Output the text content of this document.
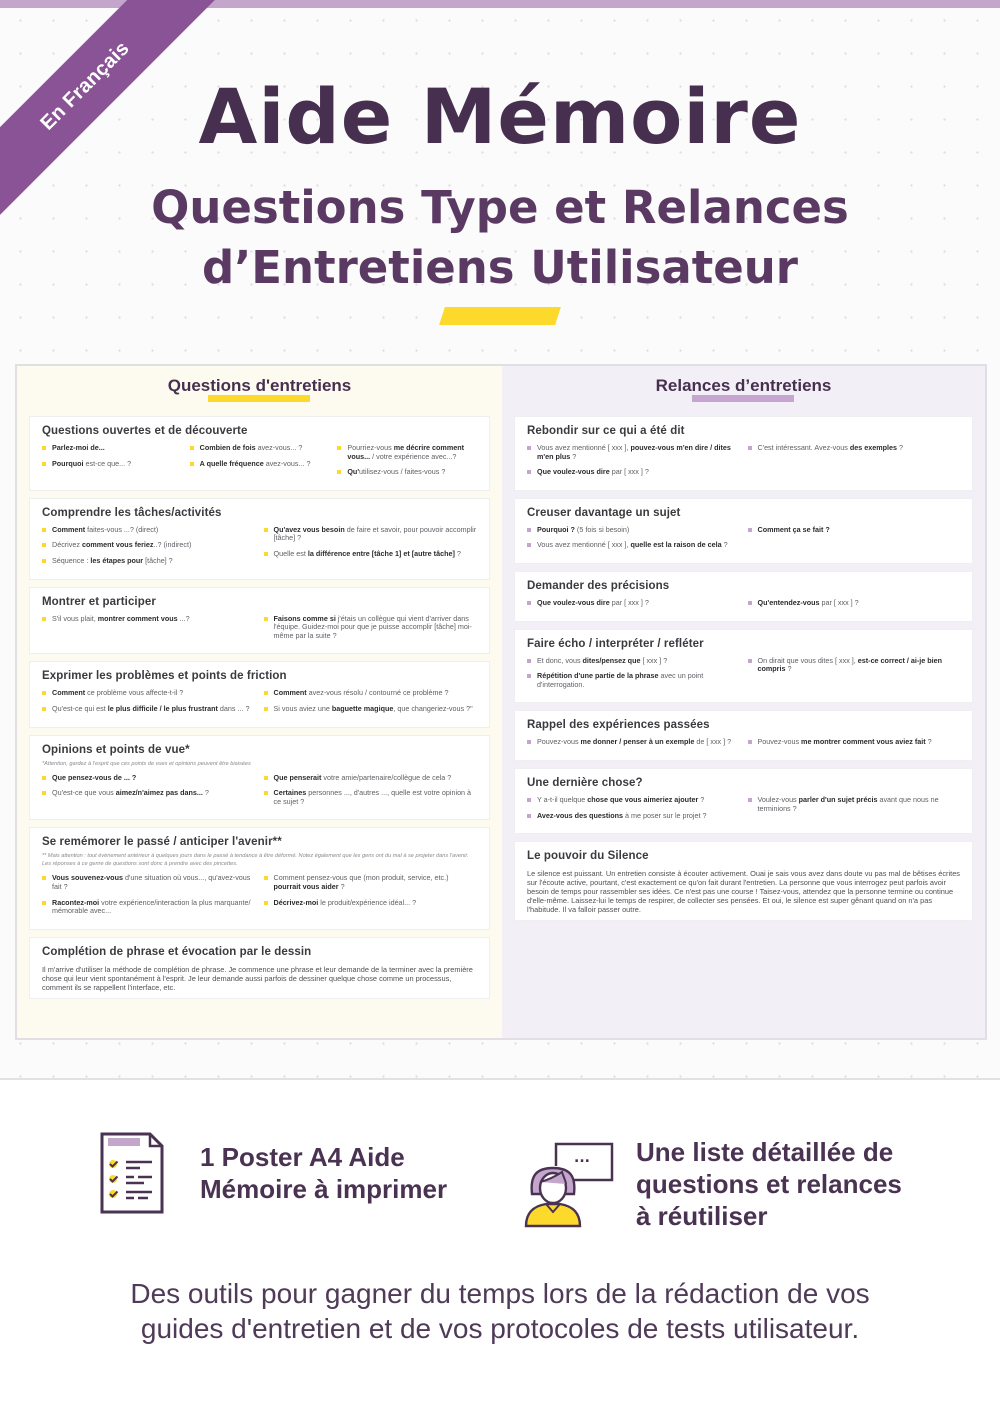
En Français Aide Mémoire
Questions Type et Relances
d’Entretiens Utilisateur
Questions d'entretiens
Questions ouvertes et de découverte
Parlez-moi de...
Pourquoi est-ce que... ?
Combien de fois avez-vous... ?
A quelle fréquence avez-vous... ?
Pourriez-vous me décrire comment vous... / votre expérience avec...?
Qu'utilisez-vous / faites-vous ?
Comprendre les tâches/activités
Comment faites-vous ...? (direct)
Décrivez comment vous feriez..? (indirect)
Séquence : les étapes pour [tâche] ?
Qu'avez vous besoin de faire et savoir, pour pouvoir accomplir [tâche] ?
Quelle est la différence entre [tâche 1] et [autre tâche] ?
Montrer et participer
S'il vous plait, montrer comment vous ...?	Faisons comme si j'étais un collègue qui vient d'arriver dans l'équipe. Guidez-moi pour que je puisse accomplir [tâche] moi-même par la suite ?
Exprimer les problèmes et points de friction
Comment ce problème vous affecte-t-il ?
Qu'est-ce qui est le plus difficile / le plus frustrant dans ... ?
Comment avez-vous résolu / contourné ce problème ?
Si vous aviez une baguette magique, que changeriez-vous ?"
Opinions et points de vue*
*Attention, gardez à l'esprit que ces points de vues et opinions peuvent être biaisées
Que pensez-vous de ... ?
Qu'est-ce que vous aimez/n'aimez pas dans... ?
Que penserait votre amie/partenaire/collègue de cela ?
Certaines personnes ..., d'autres ..., quelle est votre opinion à ce sujet ?
Se remémorer le passé / anticiper l'avenir**
** Mais attention : tout évènement antérieur à quelques jours dans le passé à tendance à être déformé. Notez également que les gens ont du mal à se projeter dans l'avenir. Les réponses à ce genre de questions sont donc à prendre avec des pincettes.
Vous souvenez-vous d'une situation où vous..., qu'avez-vous fait ?
Racontez-moi votre expérience/interaction la plus marquante/ mémorable avec...
Comment pensez-vous que (mon produit, service, etc.) pourrait vous aider ?
Décrivez-moi le produit/expérience idéal... ?
Complétion de phrase et évocation par le dessin
Il m'arrive d'utiliser la méthode de complétion de phrase. Je commence une phrase et leur demande de la terminer avec la première chose qui leur vient spontanément à l'esprit. Je leur demande aussi parfois de dessiner quelque chose comme un processus, comment ils se rappellent l'interface, etc.
Relances d’entretiens
Rebondir sur ce qui a été dit
Vous avez mentionné [ xxx ], pouvez-vous m'en dire / dites m'en plus ?
Que voulez-vous dire par [ xxx ] ?
C'est intéressant. Avez-vous des exemples ?
Creuser davantage un sujet
Pourquoi ? (5 fois si besoin)
Vous avez mentionné [ xxx ], quelle est la raison de cela ?
Comment ça se fait ?
Demander des précisions
Que voulez-vous dire par [ xxx ] ?	Qu'entendez-vous par [ xxx ] ?
Faire écho / interpréter / refléter
Et donc, vous dites/pensez que [ xxx ] ?
Répétition d'une partie de la phrase avec un point d'interrogation.
On dirait que vous dites [ xxx ], est-ce correct / ai-je bien compris ?
Rappel des expériences passées
Pouvez-vous me donner / penser à un exemple de [ xxx ] ?	Pouvez-vous me montrer comment vous aviez fait ?
Une dernière chose?
Y a-t-il quelque chose que vous aimeriez ajouter ?
Avez-vous des questions à me poser sur le projet ?
Voulez-vous parler d'un sujet précis avant que nous ne terminions ?
Le pouvoir du Silence
Le silence est puissant. Un entretien consiste à écouter activement. Ouai je sais vous avez dans doute vu pas mal de bêtises écrites sur l'écoute active, pourtant, c'est exactement ce qu'on fait durant l'entretien. La personne que vous interrogez peut parfois avoir besoin de temps pour rassembler ses idées. Ce n'est pas une course ! Taisez-vous, attendez que la personne termine ou continue d'elle-même. Laissez-lui le temps de respirer, de collecter ses pensées. Et oui, le silence est super gênant quand on n'a pas l'habitude. Il va falloir passer outre.
1 Poster A4 Aide
Mémoire à imprimer
... Une liste détaillée de
questions et relances
à réutiliser
Des outils pour gagner du temps lors de la rédaction de vos
guides d'entretien et de vos protocoles de tests utilisateur.
